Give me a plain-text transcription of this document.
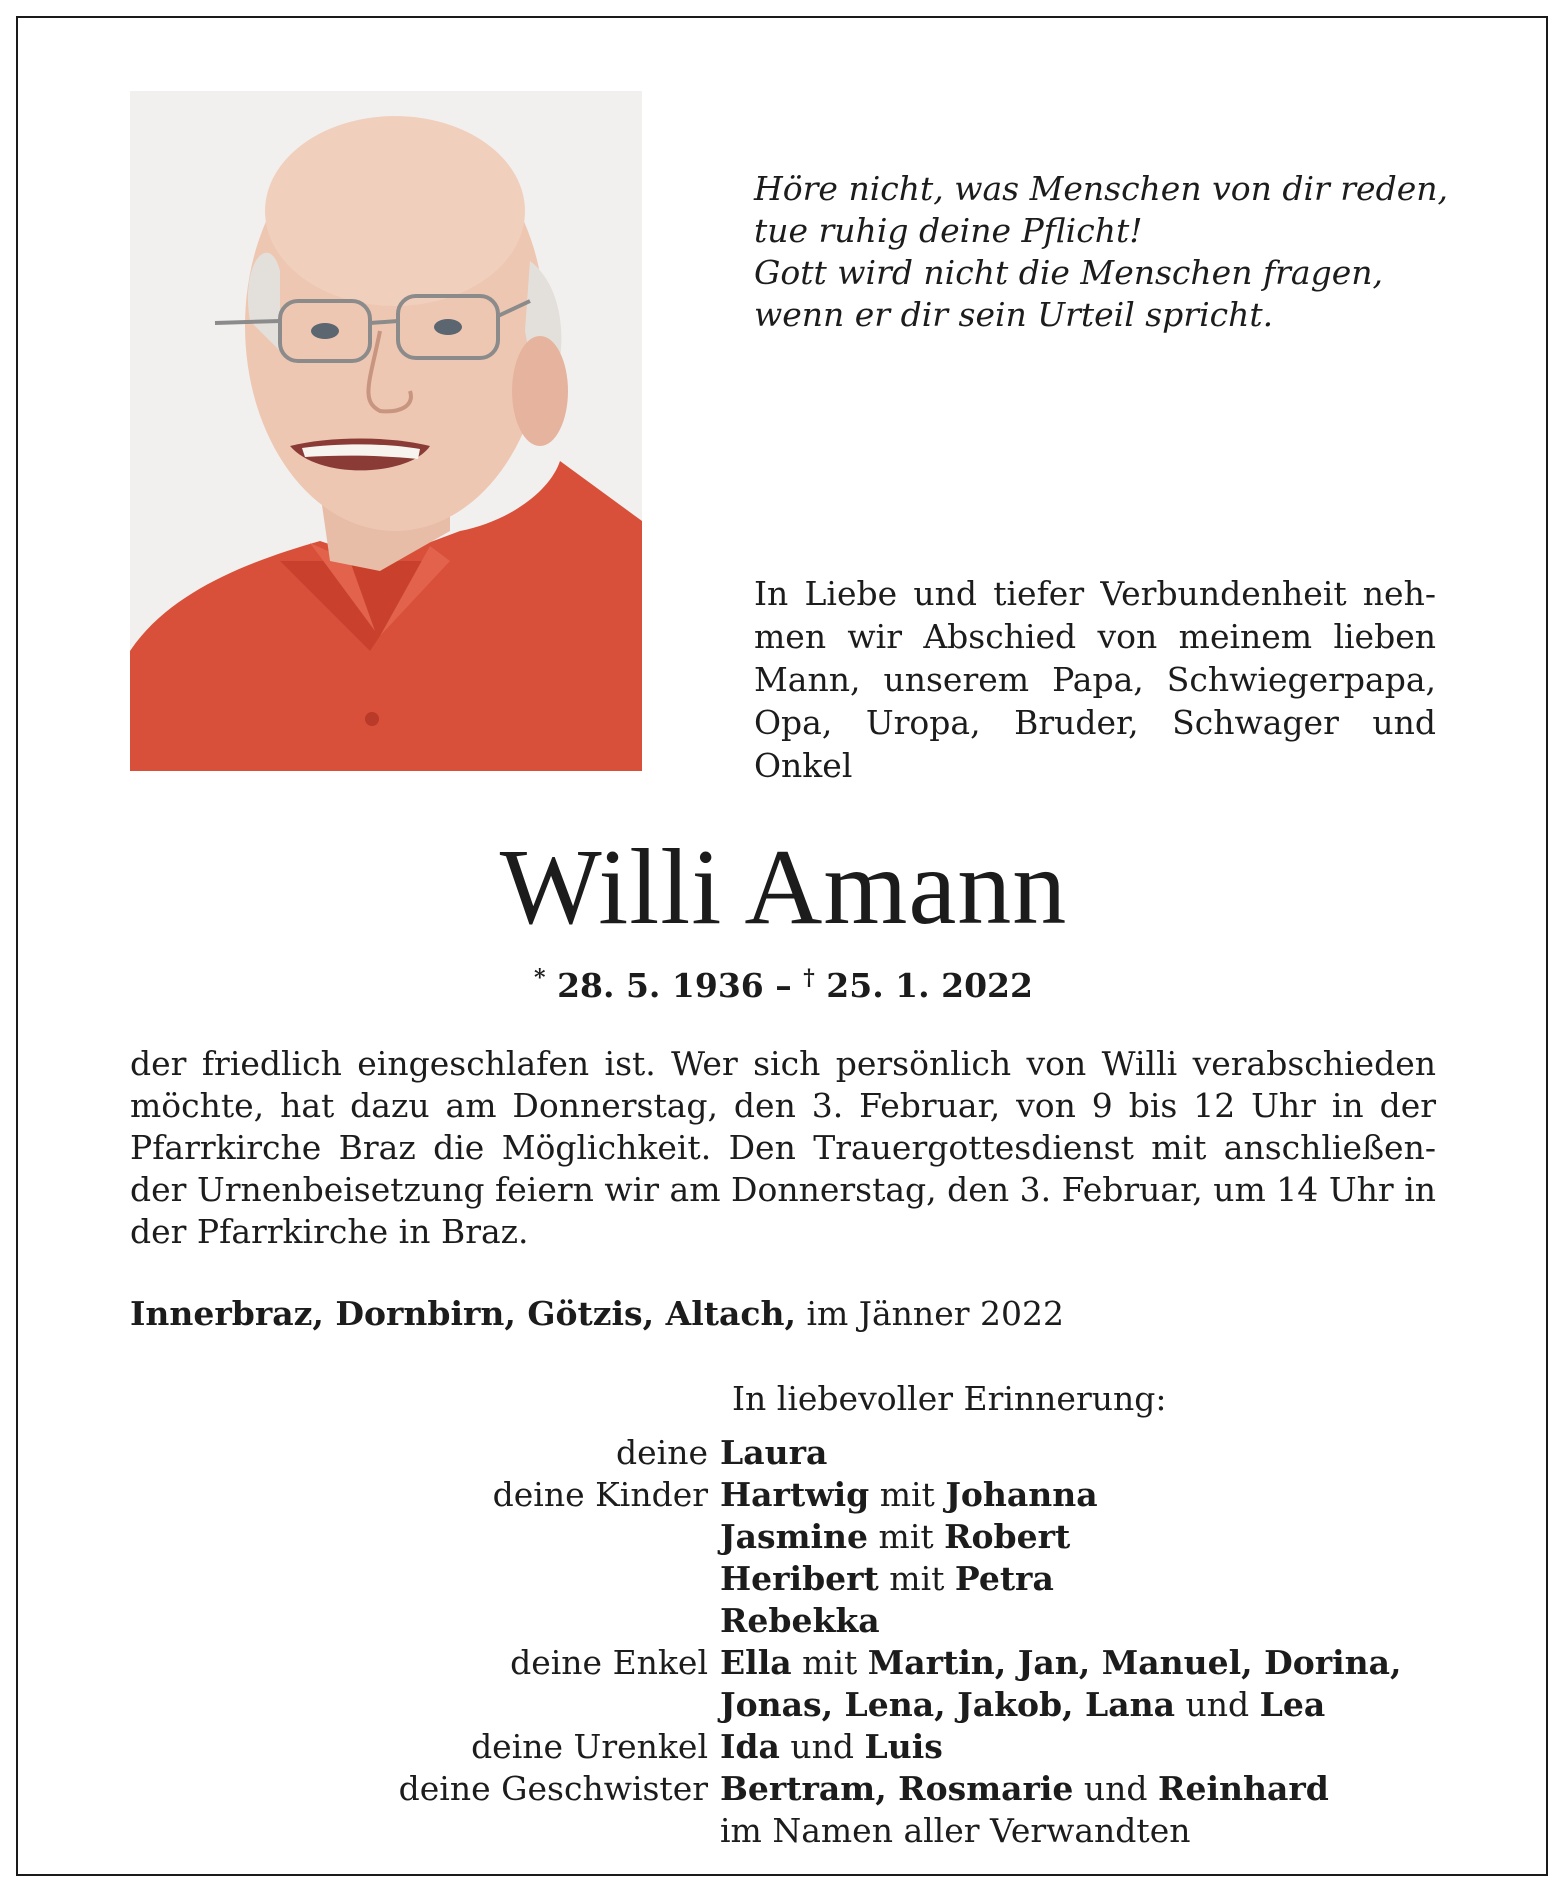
Höre nicht, was Menschen von dir reden,
tue ruhig deine Pflicht!
Gott wird nicht die Menschen fragen,
wenn er dir sein Urteil spricht.
In Liebe und tiefer Verbundenheit neh-
men wir Abschied von meinem lieben
Mann, unserem Papa, Schwiegerpapa,
Opa, Uropa, Bruder, Schwager und
Onkel
Willi Amann
* 28. 5. 1936 – † 25. 1. 2022
der friedlich eingeschlafen ist. Wer sich persönlich von Willi verabschieden
möchte, hat dazu am Donnerstag, den 3. Februar, von 9 bis 12 Uhr in der
Pfarrkirche Braz die Möglichkeit. Den Trauergottesdienst mit anschließen-
der Urnenbeisetzung feiern wir am Donnerstag, den 3. Februar, um 14 Uhr in
der Pfarrkirche in Braz.
Innerbraz, Dornbirn, Götzis, Altach, im Jänner 2022
In liebevoller Erinnerung:
deine Laura
deine Kinder Hartwig mit Johanna
Jasmine mit Robert
Heribert mit Petra
Rebekka
deine Enkel Ella mit Martin, Jan, Manuel, Dorina,
Jonas, Lena, Jakob, Lana und Lea
deine Urenkel Ida und Luis
deine Geschwister Bertram, Rosmarie und Reinhard
im Namen aller Verwandten
